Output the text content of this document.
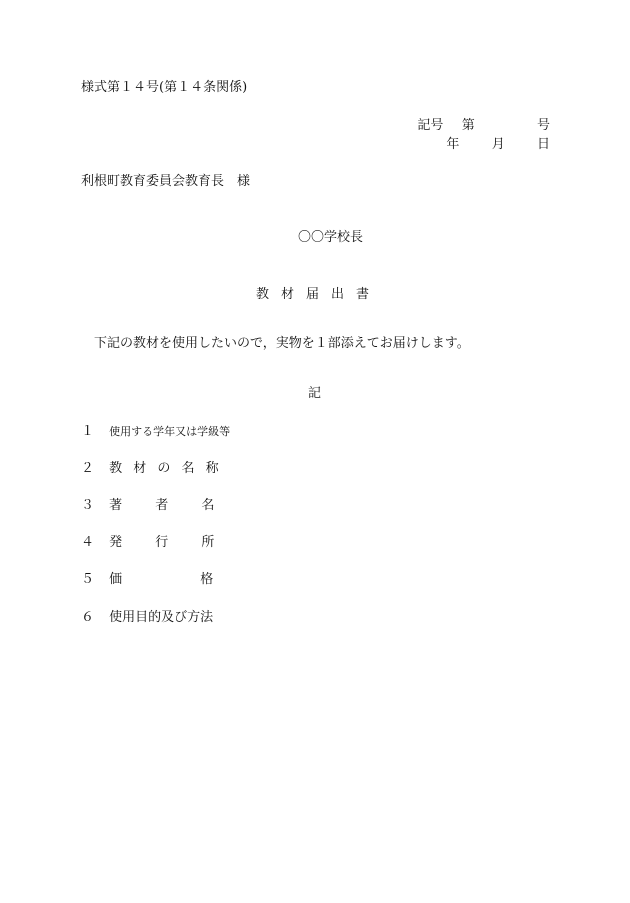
様式第１４号(第１４条関係)
記号 第	号
年 月 日
利根町教育委員会教育長　様
〇〇学校長
教材届出書
下記の教材を使用したいので，実物を１部添えてお届けします。
記
１ 使用する学年又は学級等
２ 教 材 の 名 称
３ 著 者 名
４ 発 行 所
５ 価 格
６ 使用目的及び方法
